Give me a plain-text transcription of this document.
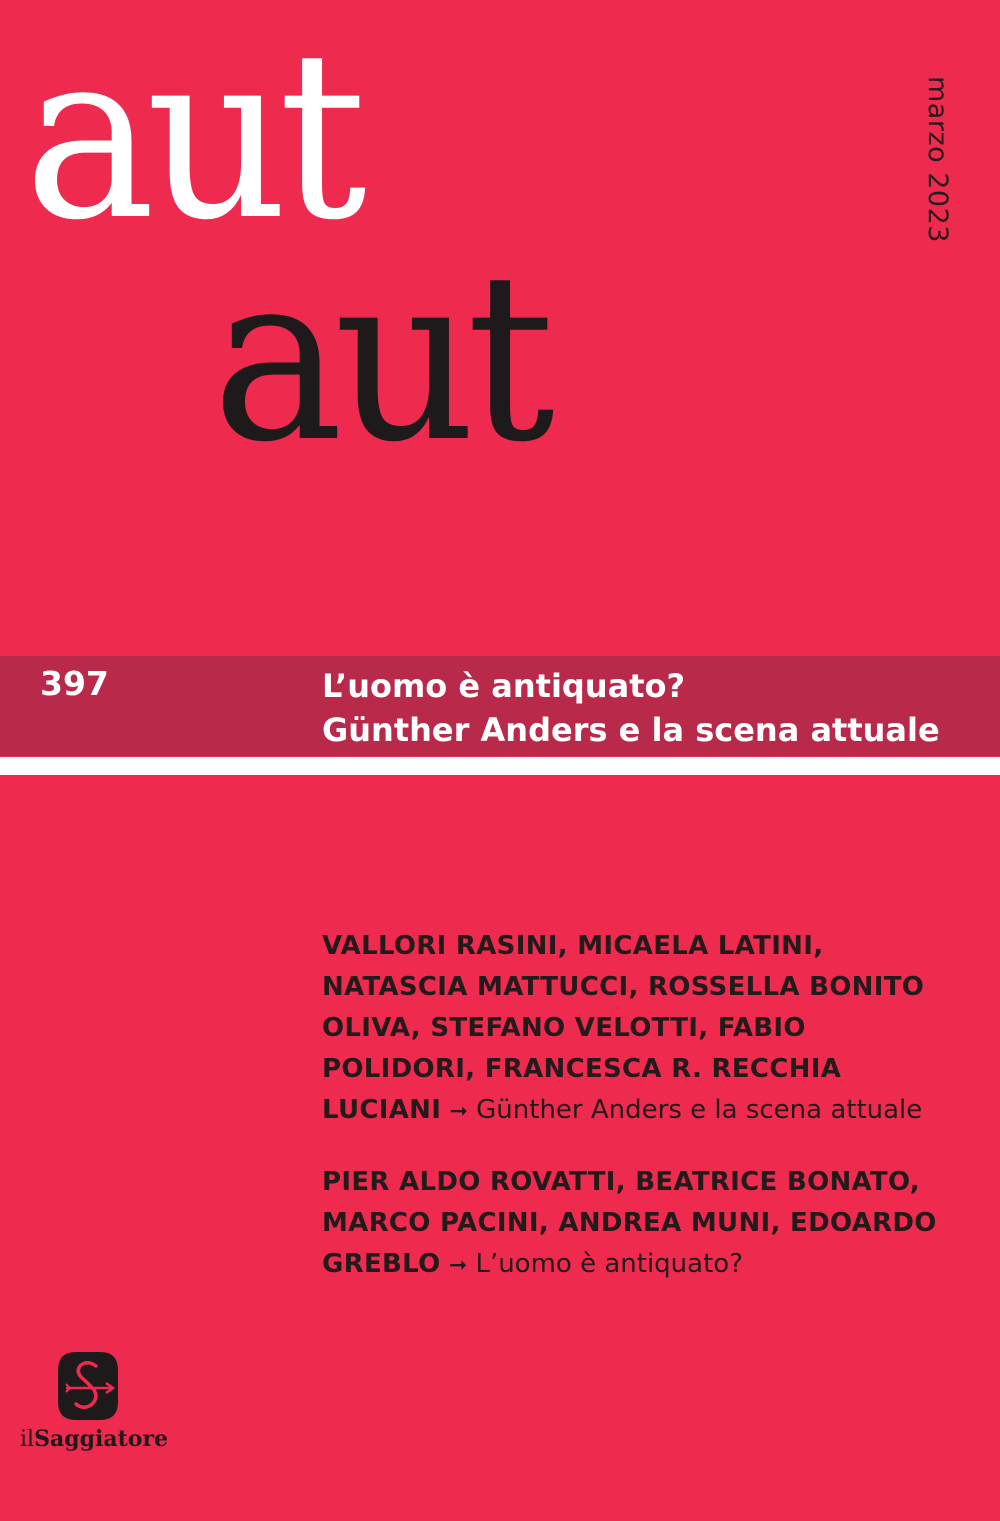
aut
aut
marzo 2023
397	L’uomo è antiquato?
Günther Anders e la scena attuale
VALLORI RASINI, MICAELA LATINI, NATASCIA MATTUCCI, ROSSELLA BONITO OLIVA, STEFANO VELOTTI, FABIO POLIDORI, FRANCESCA R. RECCHIA LUCIANI ➞ Günther Anders e la scena attuale
PIER ALDO ROVATTI, BEATRICE BONATO, MARCO PACINI, ANDREA MUNI, EDOARDO GREBLO ➞ L’uomo è antiquato?
ilSaggiatore
